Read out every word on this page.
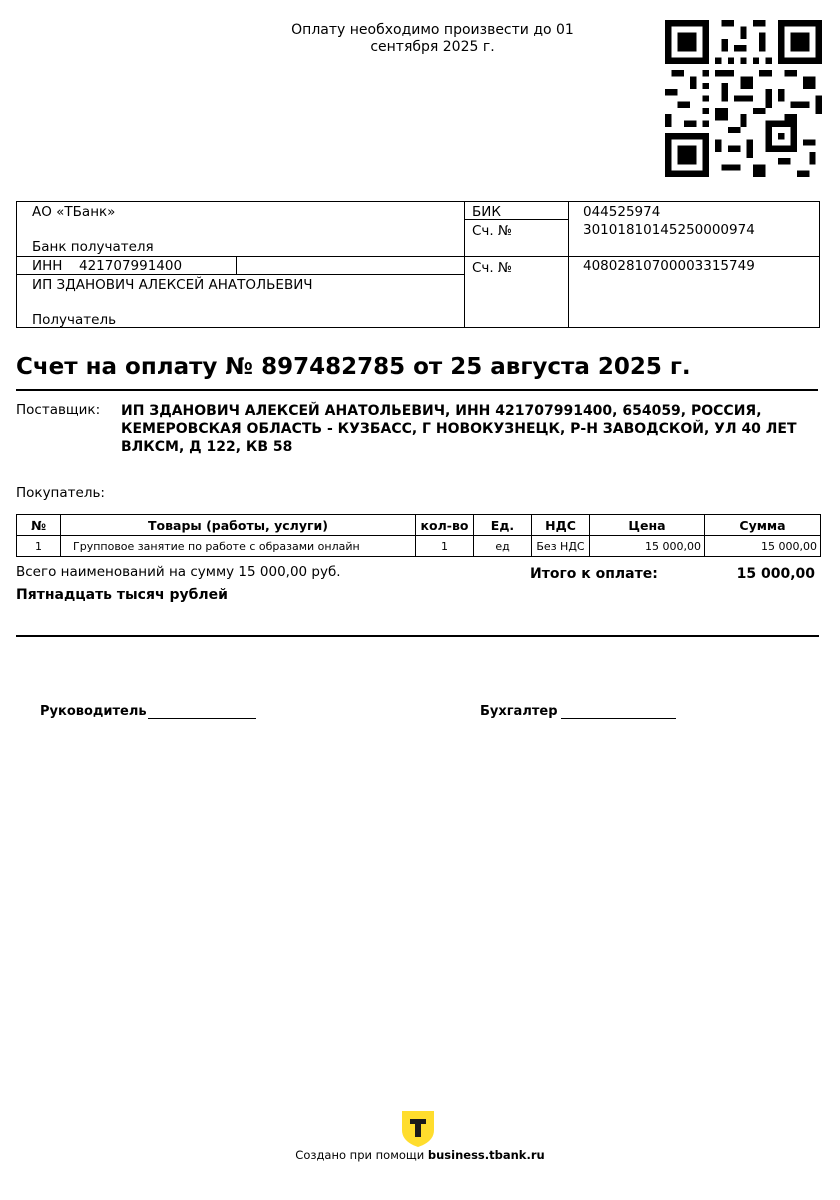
Оплату необходимо произвести до 01 сентября 2025 г.
АО «ТБанк»
Банк получателя
БИК	044525974
Сч. №	30101810145250000974
ИНН 421707991400	Сч. №	40802810700003315749
ИП ЗДАНОВИЧ АЛЕКСЕЙ АНАТОЛЬЕВИЧ
Получатель
Счет на оплату № 897482785 от 25 августа 2025 г.
Поставщик: ИП ЗДАНОВИЧ АЛЕКСЕЙ АНАТОЛЬЕВИЧ, ИНН 421707991400, 654059, РОССИЯ, КЕМЕРОВСКАЯ ОБЛАСТЬ - КУЗБАСС, Г НОВОКУЗНЕЦК, Р-Н ЗАВОДСКОЙ, УЛ 40 ЛЕТ ВЛКСМ, Д 122, КВ 58
Покупатель:
№	Товары (работы, услуги)	кол-во	Ед.	НДС	Цена	Сумма
1	Групповое занятие по работе с образами онлайн	1	ед	Без НДС	15 000,00	15 000,00
Всего наименований на сумму 15 000,00 руб.	Итого к оплате:	15 000,00
Пятнадцать тысяч рублей
Руководитель	Бухгалтер
Создано при помощи business.tbank.ru
